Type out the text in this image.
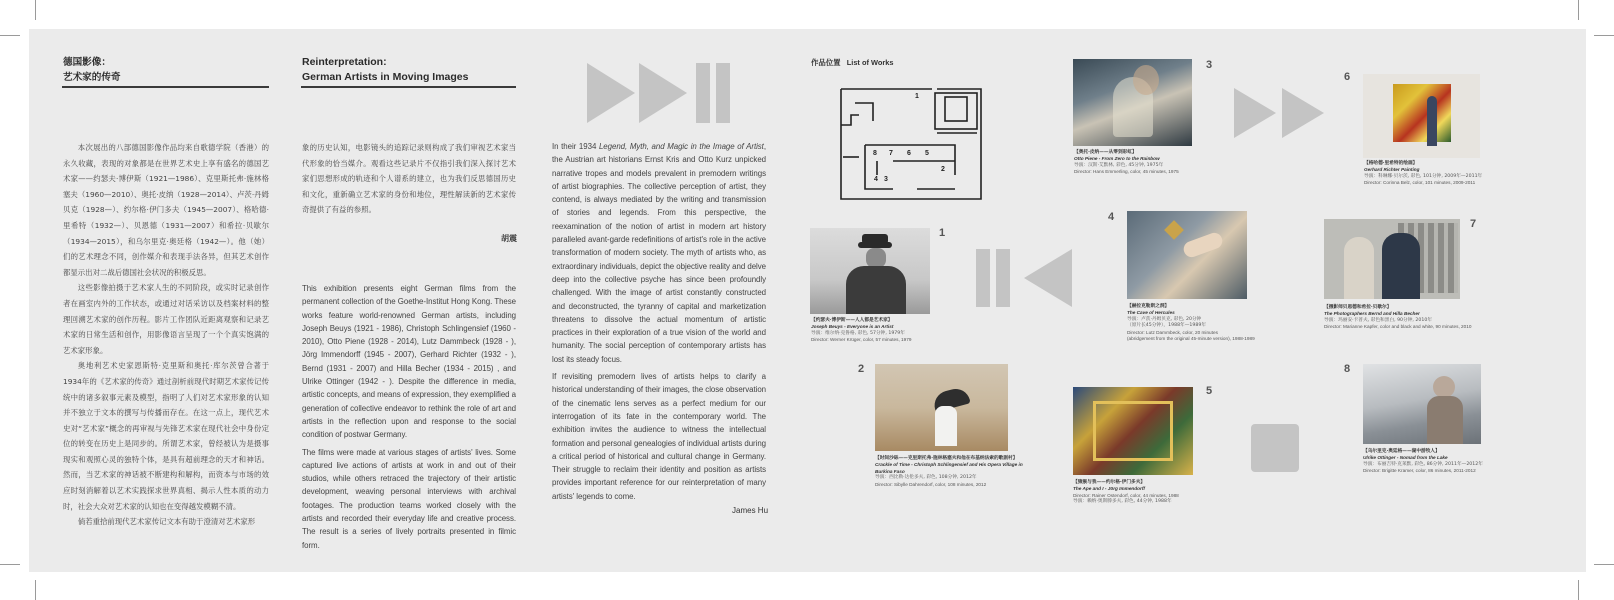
德国影像：
艺术家的传奇

本次展出的八部德国影像作品均来自歌德学院（香港）的永久收藏，表现的对象都是在世界艺术史上享有盛名的德国艺术家——约瑟夫·博伊斯（1921—1986）、克里斯托弗·施林格塞夫（1960—2010）、奥托·皮纳（1928—2014）、卢茨·丹姆贝克（1928—）、约尔格·伊门多夫（1945—2007）、格哈德·里希特（1932—）、贝恩德（1931—2007）和希拉·贝歇尔（1934—2015），和乌尔里克·奥廷格（1942—）。他（她）们的艺术理念不同，创作媒介和表现手法各异，但其艺术创作都显示出对二战后德国社会状况的积极反思。

这些影像拍摄于艺术家人生的不同阶段，或实时记录创作者在画室内外的工作状态，或通过对话采访以及档案材料的整理回溯艺术家的创作历程。影片工作团队近距离观察和记录艺术家的日常生活和创作，用影像语言呈现了一个个真实饱满的艺术家形象。

奥地利艺术史家恩斯特·克里斯和奥托·库尔茨曾合著于1934年的《艺术家的传奇》通过剖析前现代时期艺术家传记传统中的诸多叙事元素及模型，指明了人们对艺术家形象的认知并不独立于文本的撰写与传播而存在。在这一点上，现代艺术史对“艺术家”概念的再审视与先锋艺术家在现代社会中身份定位的转变在历史上是同步的。所谓艺术家，曾经被认为是摄事现实和观照心灵的独特个体，是具有超前理念的天才和神话。然而，当艺术家的神话被不断建构和解构，而资本与市场的效应时刻消解着以艺术实践探求世界真相、揭示人性本质的动力时，社会大众对艺术家的认知也在变得越发模糊不清。

倘若重拾前现代艺术家传记文本有助于澄清对艺术家形

Reinterpretation:
German Artists in Moving Images

象的历史认知，电影镜头的追踪记录则构成了我们审视艺术家当代形象的恰当媒介。观看这些记录片不仅指引我们深入探讨艺术家们思想形成的轨迹和个人谱系的建立，也为我们反思德国历史和文化，重新确立艺术家的身份和地位，理性解读新的艺术家传奇提供了有益的参照。

胡震

This exhibition presents eight German films from the permanent collection of the Goethe-Institut Hong Kong. These works feature world-renowned German artists, including Joseph Beuys (1921 - 1986), Christoph Schlingensief (1960 - 2010), Otto Piene (1928 - 2014), Lutz Dammbeck (1928 - ), Jörg Immendorff (1945 - 2007), Gerhard Richter (1932 - ), Bernd (1931 - 2007) and Hilla Becher (1934 - 2015) , and Ulrike Ottinger (1942 - ). Despite the difference in media, artistic concepts, and means of expression, they exemplified a generation of collective endeavor to rethink the role of art and artists in the reflection upon and response to the social condition of postwar Germany.

The films were made at various stages of artists' lives. Some captured live actions of artists at work in and out of their studios, while others retraced the trajectory of their artistic development, weaving personal interviews with archival footages. The production teams worked closely with the artists and recorded their everyday life and creative process. The result is a series of lively portraits presented in filmic form.

In their 1934 Legend, Myth, and Magic in the Image of Artist, the Austrian art historians Ernst Kris and Otto Kurz unpicked narrative tropes and models prevalent in premodern writings of artist biographies. The collective perception of artist, they contend, is always mediated by the writing and transmission of stories and legends. From this perspective, the reexamination of the notion of artist in modern art history paralleled avant-garde redefinitions of artist's role in the active transformation of modern society. The myth of artists who, as extraordinary individuals, depict the objective reality and delve deep into the collective psyche has since been profoundly challenged. With the image of artist constantly constructed and deconstructed, the tyranny of capital and marketization threatens to dissolve the actual momentum of artistic practices in their exploration of a true vision of the world and humanity. The social perception of contemporary artists has lost its steady focus.

If revisiting premodern lives of artists helps to clarify a historical understanding of their images, the close observation of the cinematic lens serves as a perfect medium for our interrogation of its fate in the contemporary world. The exhibition invites the audience to witness the intellectual formation and personal genealogies of individual artists during a critical period of historical and cultural change in Germany. Their struggle to reclaim their identity and position as artists provides important reference for our reinterpretation of many artists' legends to come.

James Hu
作品位置 List of Works
1
2
3
4
5
6
7
8
3
【奥托·皮纳——从零到彩虹】
Otto Piene - From Zero to the Rainbow
导演：汉斯·艾默林, 彩色, 45分钟, 1975年
Director: Hans Emmerling, color, 45 minutes, 1975
6
【格哈德·里希特的绘画】
Gerhard Richter Painting
导演：科琳娜·贝尔茨, 彩色, 101分钟, 2009年—2011年
Director: Corinna Belz, color, 101 minutes, 2009-2011
1
【约瑟夫·博伊斯——人人都是艺术家】
Joseph Beuys - Everyone is an Artist
导演：维尔纳·克鲁格, 彩色, 57分钟, 1979年
Director: Werner Krüger, color, 57 minutes, 1979
4
【赫拉克勒斯之洞】
The Cave of Hercules
导演：卢茨·丹姆贝克, 彩色, 20分钟
（原片长45分钟），1988年—1989年
Director: Lutz Dammbeck, color, 20 minutes
(abridgement from the original 45-minute version), 1988-1989
7
【摄影师贝恩德和希拉·贝歇尔】
The Photographers Bernd and Hilla Becher
导演：玛丽安·卡普夫, 彩色和黑白, 90分钟, 2010年
Director: Marianne Kapfer, color and black and white, 90 minutes, 2010
2
【时间沙砾——克里斯托弗·施林格塞夫和他在布基纳法索的歌剧村】
Crackle of Time - Christoph Schlingensief and His Opera Village in Burkina Faso
导演：西比勒·达伦多夫, 彩色, 108分钟, 2012年
Director: Sibylle Dahrendorf, color, 108 minutes, 2012
5
【猿猴与我——约尔格·伊门多夫】
The Ape and I - Jörg Immendorff
Director: Rainer Ostendorf, color, 44 minutes, 1988
导演：赖纳·奥斯滕多夫, 彩色, 44分钟, 1988年
8
【乌尔里克·奥廷格——湖中游牧人】
Ulrike Ottinger - Nomad from the Lake
导演：布丽吉特·克莱默, 彩色, 86分钟, 2011年—2012年
Director: Brigitte Kramer, color, 86 minutes, 2011-2012
